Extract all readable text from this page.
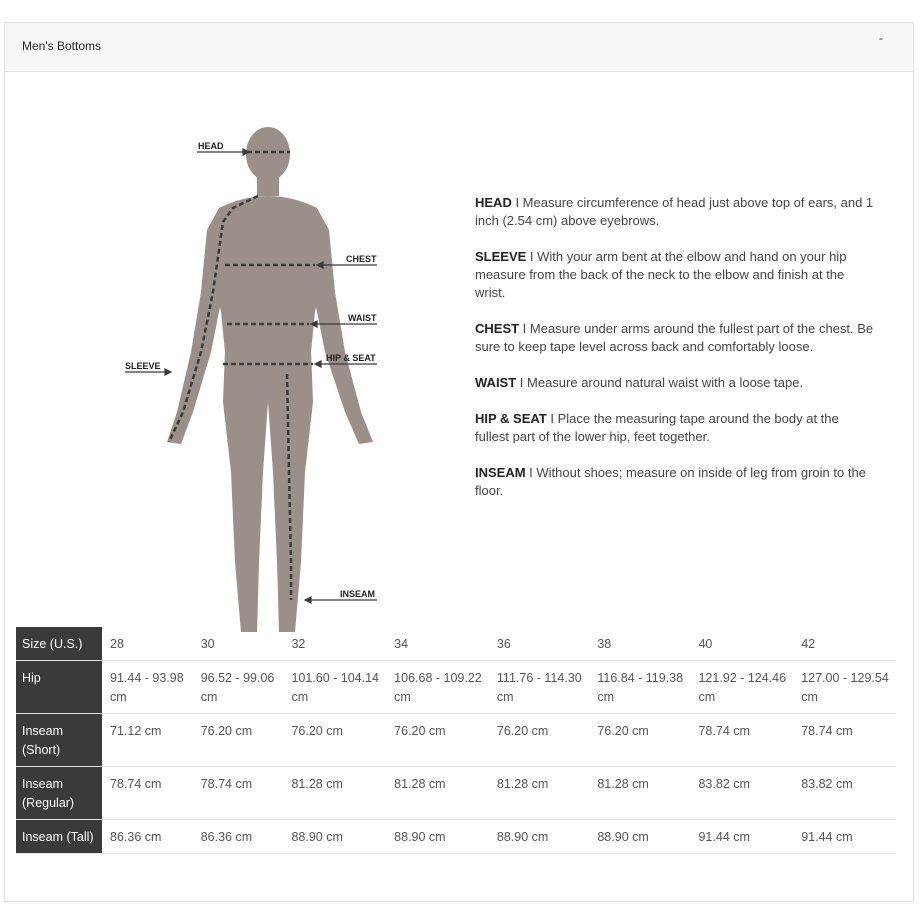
Men's Bottoms
-
HEAD
CHEST
WAIST
HIP & SEAT
SLEEVE
INSEAM

HEAD I Measure circumference of head just above top of ears, and 1 inch (2.54 cm) above eyebrows.

SLEEVE I With your arm bent at the elbow and hand on your hip measure from the back of the neck to the elbow and finish at the wrist.

CHEST I Measure under arms around the fullest part of the chest. Be sure to keep tape level across back and comfortably loose.

WAIST I Measure around natural waist with a loose tape.

HIP & SEAT I Place the measuring tape around the body at the fullest part of the lower hip, feet together.

INSEAM I Without shoes; measure on inside of leg from groin to the floor.

Size (U.S.)	28	30	32	34	36	38	40	42
Hip	91.44 - 93.98 cm	96.52 - 99.06 cm	101.60 - 104.14 cm	106.68 - 109.22 cm	111.76 - 114.30 cm	116.84 - 119.38 cm	121.92 - 124.46 cm	127.00 - 129.54 cm
Inseam (Short)	71.12 cm	76.20 cm	76.20 cm	76.20 cm	76.20 cm	76.20 cm	78.74 cm	78.74 cm
Inseam (Regular)	78.74 cm	78.74 cm	81.28 cm	81.28 cm	81.28 cm	81.28 cm	83.82 cm	83.82 cm
Inseam (Tall)	86.36 cm	86.36 cm	88.90 cm	88.90 cm	88.90 cm	88.90 cm	91.44 cm	91.44 cm
